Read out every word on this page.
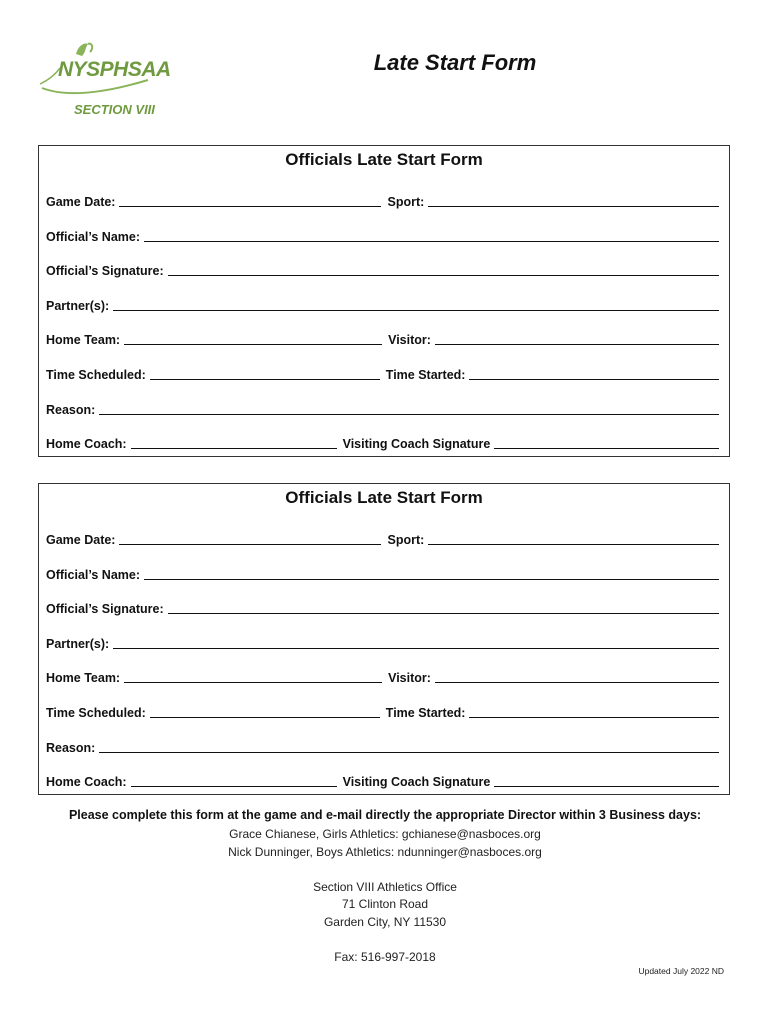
NYSPHSAA
SECTION VIII
Late Start Form
Officials Late Start Form
Game Date:	Sport:
Official’s Name:
Official’s Signature:
Partner(s):
Home Team:	Visitor:
Time Scheduled:	Time Started:
Reason:
Home Coach:	Visiting Coach Signature
Officials Late Start Form
Game Date:	Sport:
Official’s Name:
Official’s Signature:
Partner(s):
Home Team:	Visitor:
Time Scheduled:	Time Started:
Reason:
Home Coach:	Visiting Coach Signature
Please complete this form at the game and e-mail directly the appropriate Director within 3 Business days:
Grace Chianese, Girls Athletics: gchianese@nasboces.org
Nick Dunninger, Boys Athletics: ndunninger@nasboces.org
Section VIII Athletics Office
71 Clinton Road
Garden City, NY 11530
Fax: 516-997-2018
Updated July 2022 ND
